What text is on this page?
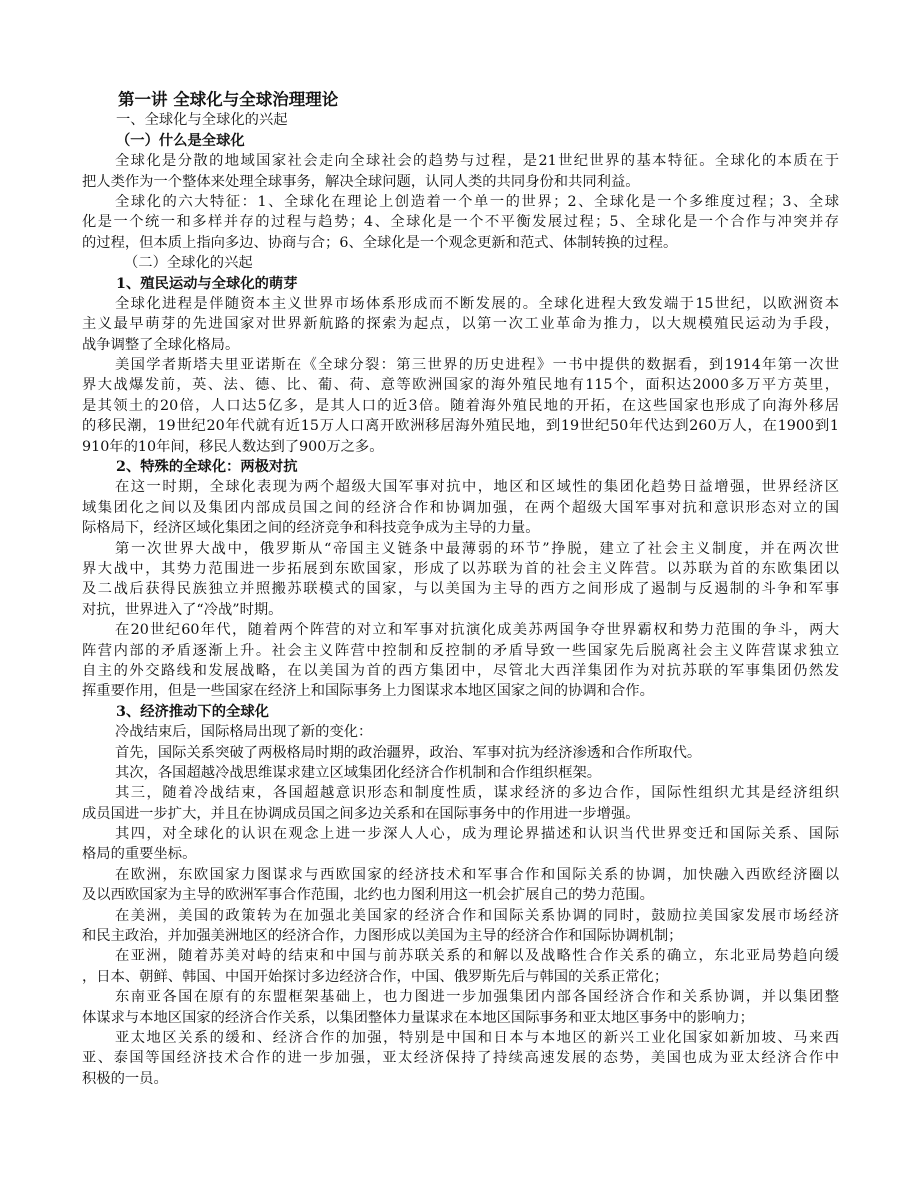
第一讲 全球化与全球治理理论
一、全球化与全球化的兴起
（一）什么是全球化
全球化是分散的地域国家社会走向全球社会的趋势与过程，是21世纪世界的基本特征。全球化的本质在于
把人类作为一个整体来处理全球事务，解决全球问题，认同人类的共同身份和共同利益。
全球化的六大特征：1、全球化在理论上创造着一个单一的世界；2、全球化是一个多维度过程；3、全球
化是一个统一和多样并存的过程与趋势；4、全球化是一个不平衡发展过程；5、全球化是一个合作与冲突并存
的过程，但本质上指向多边、协商与合；6、全球化是一个观念更新和范式、体制转换的过程。
（二）全球化的兴起
1、殖民运动与全球化的萌芽
全球化进程是伴随资本主义世界市场体系形成而不断发展的。全球化进程大致发端于15世纪，以欧洲资本
主义最早萌芽的先进国家对世界新航路的探索为起点，以第一次工业革命为推力，以大规模殖民运动为手段，
战争调整了全球化格局。
美国学者斯塔夫里亚诺斯在《全球分裂：第三世界的历史进程》一书中提供的数据看，到1914年第一次世
界大战爆发前，英、法、德、比、葡、荷、意等欧洲国家的海外殖民地有115个，面积达2000多万平方英里，
是其领土的20倍，人口达5亿多，是其人口的近3倍。随着海外殖民地的开拓，在这些国家也形成了向海外移居
的移民潮，19世纪20年代就有近15万人口离开欧洲移居海外殖民地，到19世纪50年代达到260万人，在1900到1
910年的10年间，移民人数达到了900万之多。
2、特殊的全球化：两极对抗
在这一时期，全球化表现为两个超级大国军事对抗中，地区和区域性的集团化趋势日益增强，世界经济区
域集团化之间以及集团内部成员国之间的经济合作和协调加强，在两个超级大国军事对抗和意识形态对立的国
际格局下，经济区域化集团之间的经济竞争和科技竞争成为主导的力量。
第一次世界大战中，俄罗斯从“帝国主义链条中最薄弱的环节”挣脱，建立了社会主义制度，并在两次世
界大战中，其势力范围进一步拓展到东欧国家，形成了以苏联为首的社会主义阵营。以苏联为首的东欧集团以
及二战后获得民族独立并照搬苏联模式的国家，与以美国为主导的西方之间形成了遏制与反遏制的斗争和军事
对抗，世界进入了“冷战”时期。
在20世纪60年代，随着两个阵营的对立和军事对抗演化成美苏两国争夺世界霸权和势力范围的争斗，两大
阵营内部的矛盾逐渐上升。社会主义阵营中控制和反控制的矛盾导致一些国家先后脱离社会主义阵营谋求独立
自主的外交路线和发展战略，在以美国为首的西方集团中，尽管北大西洋集团作为对抗苏联的军事集团仍然发
挥重要作用，但是一些国家在经济上和国际事务上力图谋求本地区国家之间的协调和合作。
3、经济推动下的全球化
冷战结束后，国际格局出现了新的变化：
首先，国际关系突破了两极格局时期的政治疆界，政治、军事对抗为经济渗透和合作所取代。
其次，各国超越冷战思维谋求建立区域集团化经济合作机制和合作组织框架。
其三，随着冷战结束，各国超越意识形态和制度性质，谋求经济的多边合作，国际性组织尤其是经济组织
成员国进一步扩大，并且在协调成员国之间多边关系和在国际事务中的作用进一步增强。
其四，对全球化的认识在观念上进一步深人人心，成为理论界描述和认识当代世界变迁和国际关系、国际
格局的重要坐标。
在欧洲，东欧国家力图谋求与西欧国家的经济技术和军事合作和国际关系的协调，加快融入西欧经济圈以
及以西欧国家为主导的欧洲军事合作范围，北约也力图利用这一机会扩展自己的势力范围。
在美洲，美国的政策转为在加强北美国家的经济合作和国际关系协调的同时，鼓励拉美国家发展市场经济
和民主政治，并加强美洲地区的经济合作，力图形成以美国为主导的经济合作和国际协调机制；
在亚洲，随着苏美对峙的结束和中国与前苏联关系的和解以及战略性合作关系的确立，东北亚局势趋向缓
，日本、朝鲜、韩国、中国开始探讨多边经济合作，中国、俄罗斯先后与韩国的关系正常化；
东南亚各国在原有的东盟框架基础上，也力图进一步加强集团内部各国经济合作和关系协调，并以集团整
体谋求与本地区国家的经济合作关系，以集团整体力量谋求在本地区国际事务和亚太地区事务中的影响力；
亚太地区关系的缓和、经济合作的加强，特别是中国和日本与本地区的新兴工业化国家如新加坡、马来西
亚、泰国等国经济技术合作的进一步加强，亚太经济保持了持续高速发展的态势，美国也成为亚太经济合作中
积极的一员。
